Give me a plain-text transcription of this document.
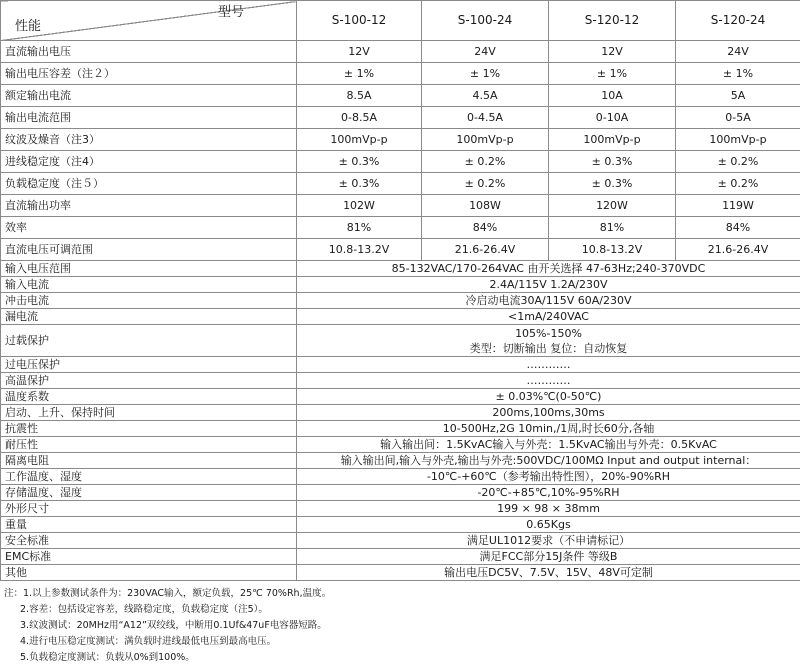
型号
性能	S-100-12	S-100-24	S-120-12	S-120-24
直流输出电压	12V	24V	12V	24V
输出电压容差（注２）	± 1%	± 1%	± 1%	± 1%
额定输出电流	8.5A	4.5A	10A	5A
输出电流范围	0-8.5A	0-4.5A	0-10A	0-5A
纹波及燥音（注3）	100mVp-p	100mVp-p	100mVp-p	100mVp-p
进线稳定度（注4）	± 0.3%	± 0.2%	± 0.3%	± 0.2%
负载稳定度（注５）	± 0.3%	± 0.2%	± 0.3%	± 0.2%
直流输出功率	102W	108W	120W	119W
效率	81%	84%	81%	84%
直流电压可调范围	10.8-13.2V	21.6-26.4V	10.8-13.2V	21.6-26.4V
输入电压范围	85-132VAC/170-264VAC 由开关选择 47-63Hz;240-370VDC			
输入电流	2.4A/115V 1.2A/230V			
冲击电流	冷启动电流30A/115V 60A/230V			
漏电流	<1mA/240VAC			
过载保护	105%-150%
类型：切断输出 复位：自动恢复			

过电压保护	…………			
高温保护	…………			
温度系数	± 0.03%℃(0-50℃)			
启动、上升、保持时间	200ms,100ms,30ms			
抗震性	10-500Hz,2G 10min,/1周,时长60分,各轴			
耐压性	输入输出间：1.5KvAC输入与外壳：1.5KvAC输出与外壳：0.5KvAC			
隔离电阻	输入输出间,输入与外壳,输出与外壳:500VDC/100MΩ Input and output internal：			
工作温度、湿度	-10℃-+60℃（参考输出特性图），20%-90%RH			
存储温度、湿度	-20℃-+85℃,10%-95%RH			
外形尺寸	199 × 98 × 38mm			
重量	0.65Kgs			
安全标准	满足UL1012要求（不申请标记）			
EMC标准	满足FCC部分15J条件 等级B			
其他	输出电压DC5V、7.5V、15V、48V可定制			
注：1.以上参数测试条件为：230VAC输入，额定负载，25℃ 70%Rh,温度。
2.容差：包括设定容差，线路稳定度，负载稳定度（注5）。
3.纹波测试：20MHz用“A12”双绞线，中断用0.1Uf&47uF电容器短路。
4.进行电压稳定度测试：满负载时进线最低电压到最高电压。
5.负载稳定度测试：负载从0%到100%。
